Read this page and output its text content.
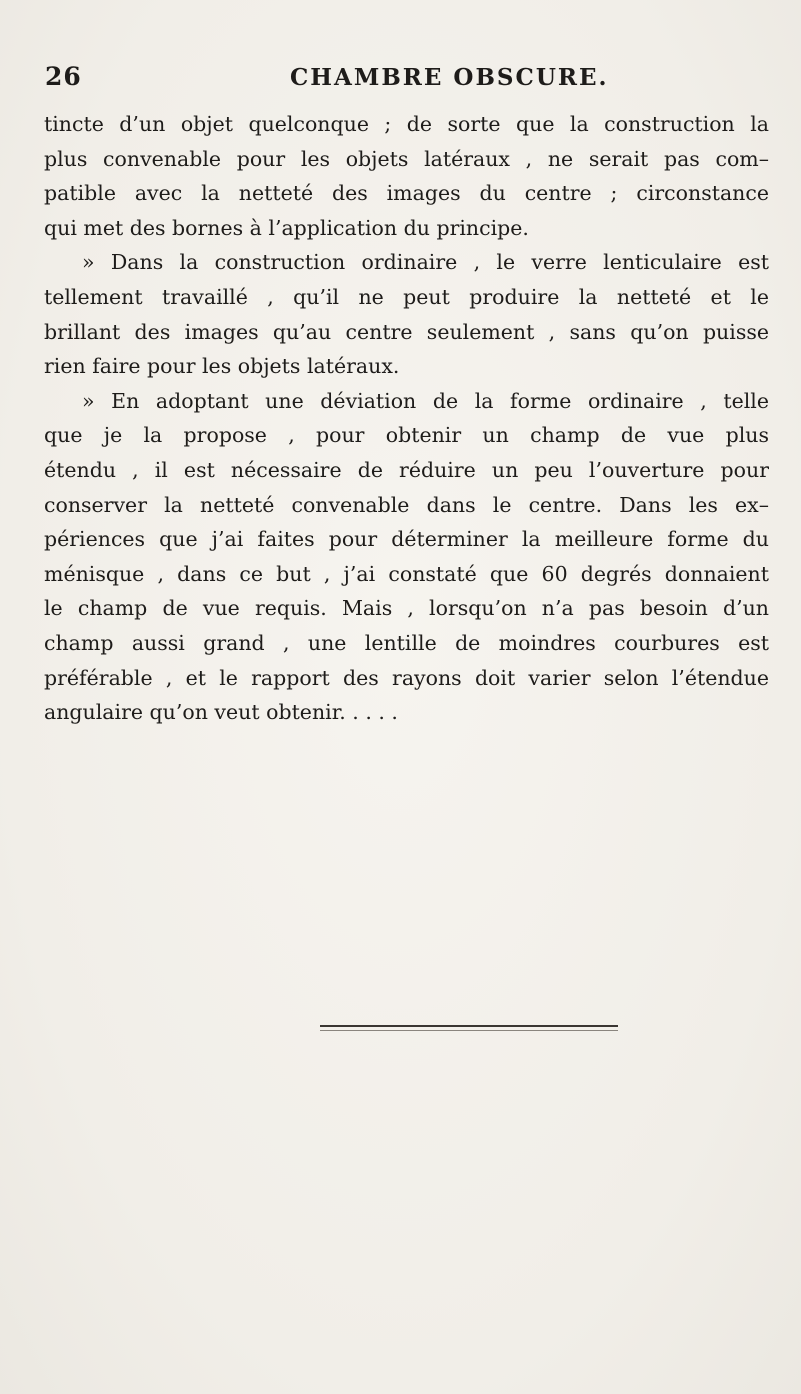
26	CHAMBRE OBSCURE.
tincte d’un objet quelconque ; de sorte que la construction la
plus convenable pour les objets latéraux , ne serait pas com–
patible avec la netteté des images du centre ; circonstance
qui met des bornes à l’application du principe.
» Dans la construction ordinaire , le verre lenticulaire est
tellement travaillé , qu’il ne peut produire la netteté et le
brillant des images qu’au centre seulement , sans qu’on puisse
rien faire pour les objets latéraux.
» En adoptant une déviation de la forme ordinaire , telle
que je la propose , pour obtenir un champ de vue plus
étendu , il est nécessaire de réduire un peu l’ouverture pour
conserver la netteté convenable dans le centre. Dans les ex–
périences que j’ai faites pour déterminer la meilleure forme du
ménisque , dans ce but , j’ai constaté que 60 degrés donnaient
le champ de vue requis. Mais , lorsqu’on n’a pas besoin d’un
champ aussi grand , une lentille de moindres courbures est
préférable , et le rapport des rayons doit varier selon l’étendue
angulaire qu’on veut obtenir. . . . .
